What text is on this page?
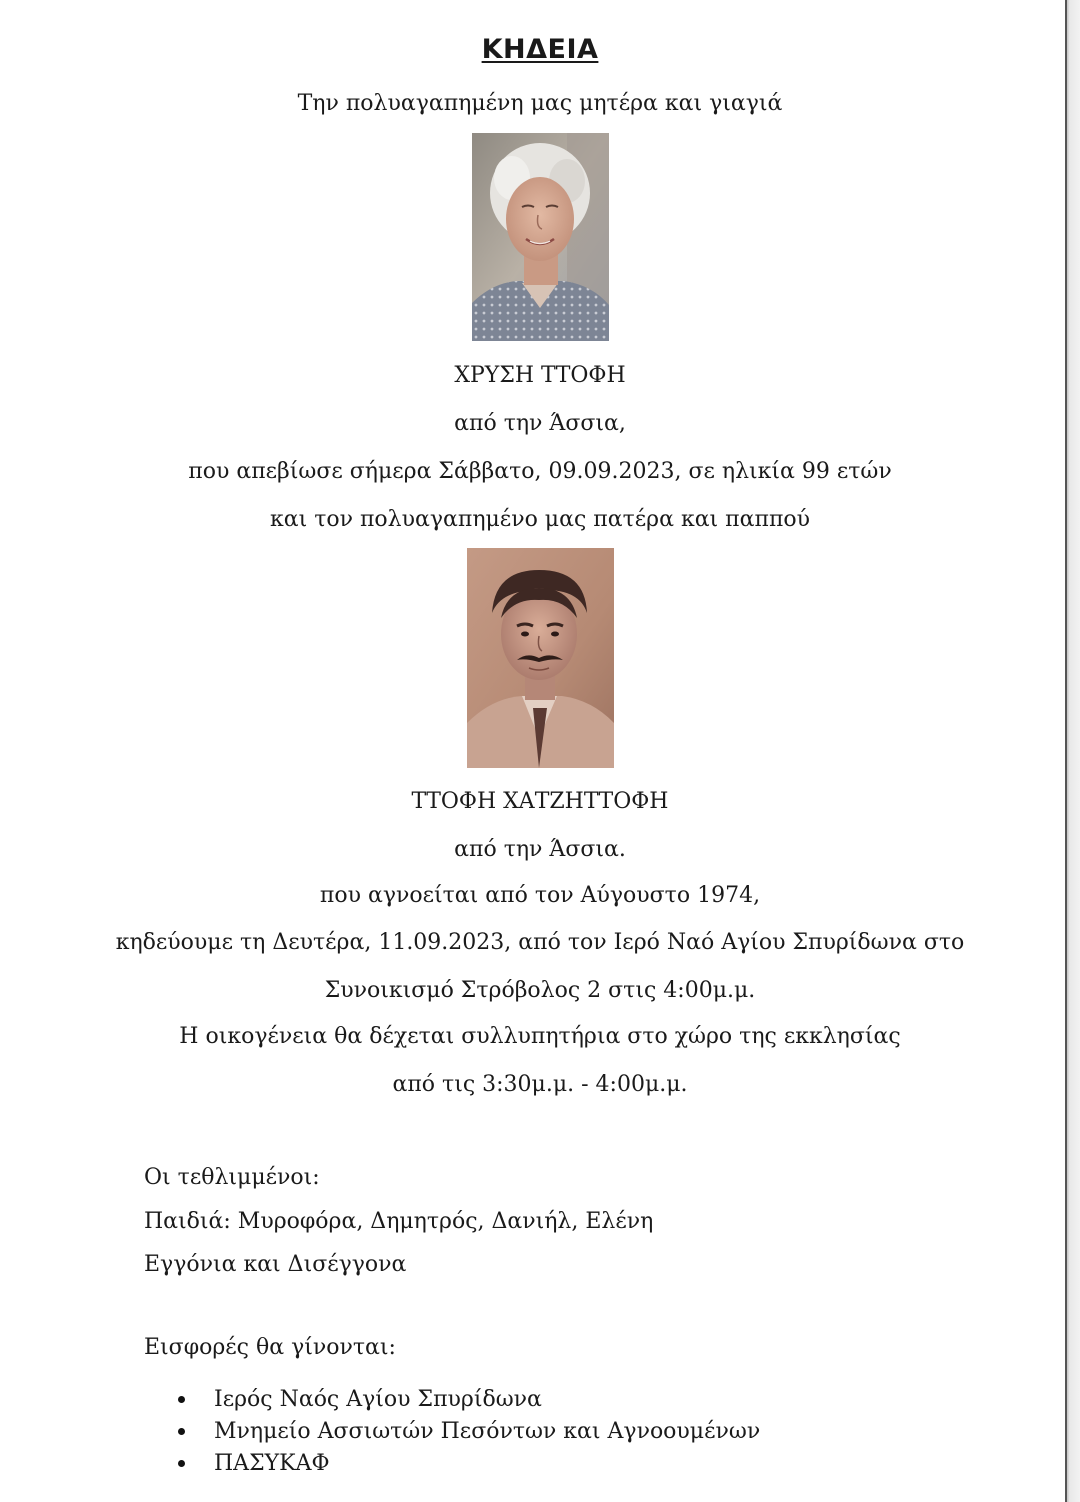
ΚΗΔΕΙΑ
Την πολυαγαπημένη μας μητέρα και γιαγιά
ΧΡΥΣΗ ΤΤΟΦΗ
από την Άσσια,
που απεβίωσε σήμερα Σάββατο, 09.09.2023, σε ηλικία 99 ετών
και τον πολυαγαπημένο μας πατέρα και παππού
ΤΤΟΦΗ ΧΑΤΖΗΤΤΟΦΗ
από την Άσσια.
που αγνοείται από τον Αύγουστο 1974,
κηδεύουμε τη Δευτέρα, 11.09.2023, από τον Ιερό Ναό Αγίου Σπυρίδωνα στο
Συνοικισμό Στρόβολος 2 στις 4:00μ.μ.
Η οικογένεια θα δέχεται συλλυπητήρια στο χώρο της εκκλησίας
από τις 3:30μ.μ. - 4:00μ.μ.
Οι τεθλιμμένοι:
Παιδιά: Μυροφόρα, Δημητρός, Δανιήλ, Ελένη
Εγγόνια και Δισέγγονα
Εισφορές θα γίνονται:
Ιερός Ναός Αγίου Σπυρίδωνα
Μνημείο Ασσιωτών Πεσόντων και Αγνοουμένων
ΠΑΣΥΚΑΦ
